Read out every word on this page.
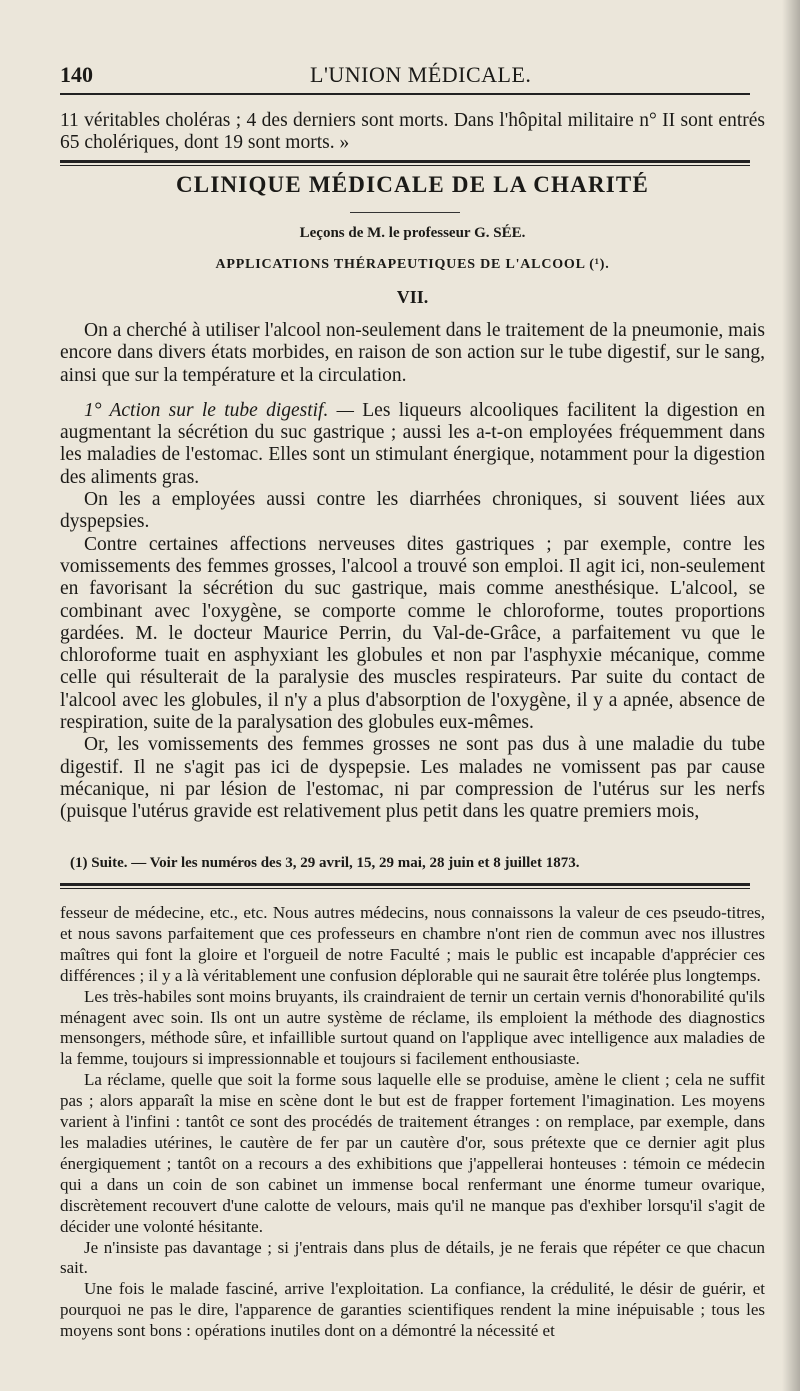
140	L'UNION MÉDICALE.

11 véritables choléras ; 4 des derniers sont morts. Dans l'hôpital militaire n° II sont entrés 65 cholériques, dont 19 sont morts. »

CLINIQUE MÉDICALE DE LA CHARITÉ
Leçons de M. le professeur G. SÉE.
APPLICATIONS THÉRAPEUTIQUES DE L'ALCOOL (¹).
VII.

On a cherché à utiliser l'alcool non-seulement dans le traitement de la pneumonie, mais encore dans divers états morbides, en raison de son action sur le tube digestif, sur le sang, ainsi que sur la température et la circulation.

1° Action sur le tube digestif. — Les liqueurs alcooliques facilitent la digestion en augmentant la sécrétion du suc gastrique ; aussi les a-t-on employées fréquemment dans les maladies de l'estomac. Elles sont un stimulant énergique, notamment pour la digestion des aliments gras.

On les a employées aussi contre les diarrhées chroniques, si souvent liées aux dyspepsies.

Contre certaines affections nerveuses dites gastriques ; par exemple, contre les vomissements des femmes grosses, l'alcool a trouvé son emploi. Il agit ici, non-seulement en favorisant la sécrétion du suc gastrique, mais comme anesthésique. L'alcool, se combinant avec l'oxygène, se comporte comme le chloroforme, toutes proportions gardées. M. le docteur Maurice Perrin, du Val-de-Grâce, a parfaitement vu que le chloroforme tuait en asphyxiant les globules et non par l'asphyxie mécanique, comme celle qui résulterait de la paralysie des muscles respirateurs. Par suite du contact de l'alcool avec les globules, il n'y a plus d'absorption de l'oxygène, il y a apnée, absence de respiration, suite de la paralysation des globules eux-mêmes.

Or, les vomissements des femmes grosses ne sont pas dus à une maladie du tube digestif. Il ne s'agit pas ici de dyspepsie. Les malades ne vomissent pas par cause mécanique, ni par lésion de l'estomac, ni par compression de l'utérus sur les nerfs (puisque l'utérus gravide est relativement plus petit dans les quatre premiers mois,

(1) Suite. — Voir les numéros des 3, 29 avril, 15, 29 mai, 28 juin et 8 juillet 1873.

fesseur de médecine, etc., etc. Nous autres médecins, nous connaissons la valeur de ces pseudo-titres, et nous savons parfaitement que ces professeurs en chambre n'ont rien de commun avec nos illustres maîtres qui font la gloire et l'orgueil de notre Faculté ; mais le public est incapable d'apprécier ces différences ; il y a là véritablement une confusion déplorable qui ne saurait être tolérée plus longtemps.

Les très-habiles sont moins bruyants, ils craindraient de ternir un certain vernis d'honorabilité qu'ils ménagent avec soin. Ils ont un autre système de réclame, ils emploient la méthode des diagnostics mensongers, méthode sûre, et infaillible surtout quand on l'applique avec intelligence aux maladies de la femme, toujours si impressionnable et toujours si facilement enthousiaste.

La réclame, quelle que soit la forme sous laquelle elle se produise, amène le client ; cela ne suffit pas ; alors apparaît la mise en scène dont le but est de frapper fortement l'imagination. Les moyens varient à l'infini : tantôt ce sont des procédés de traitement étranges : on remplace, par exemple, dans les maladies utérines, le cautère de fer par un cautère d'or, sous prétexte que ce dernier agit plus énergiquement ; tantôt on a recours a des exhibitions que j'appellerai honteuses : témoin ce médecin qui a dans un coin de son cabinet un immense bocal renfermant une énorme tumeur ovarique, discrètement recouvert d'une calotte de velours, mais qu'il ne manque pas d'exhiber lorsqu'il s'agit de décider une volonté hésitante.

Je n'insiste pas davantage ; si j'entrais dans plus de détails, je ne ferais que répéter ce que chacun sait.

Une fois le malade fasciné, arrive l'exploitation. La confiance, la crédulité, le désir de guérir, et pourquoi ne pas le dire, l'apparence de garanties scientifiques rendent la mine inépuisable ; tous les moyens sont bons : opérations inutiles dont on a démontré la nécessité et
